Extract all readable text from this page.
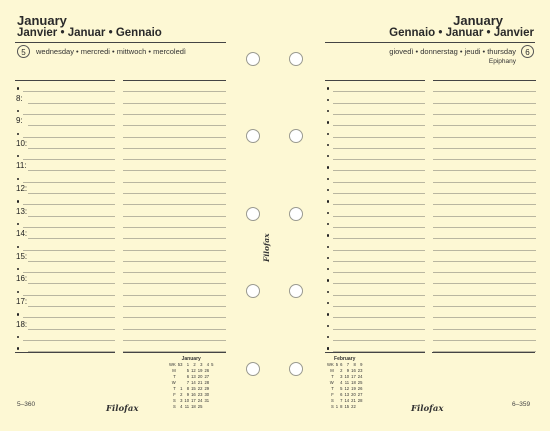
January
Janvier • Januar • Gennaio
5	wednesday • mercredi • mittwoch • mercoledì
January
Gennaio • Januar • Janvier
6
giovedì • donnerstag • jeudi • thursday
Epiphany
8:
9:
10:
11:
12:
13:
14:
15:
16:
17:
18:
January
WK	53	1	2	3	4	5
M		5	12	19	26	
T		6	13	20	27	
W		7	14	21	28	
T	1	8	15	22	29	
F	2	9	16	23	30	
S	3	10	17	24	31	
S	4	11	18	25		
February
WK	5	6	7	8	9
M		2	9	16	23
T		3	10	17	24
W		4	11	18	25
T		5	12	19	26
F		6	13	20	27
S		7	14	21	28
S	1	8	15	22	
5–360	Filofax	Filofax	6–359
Filofax
